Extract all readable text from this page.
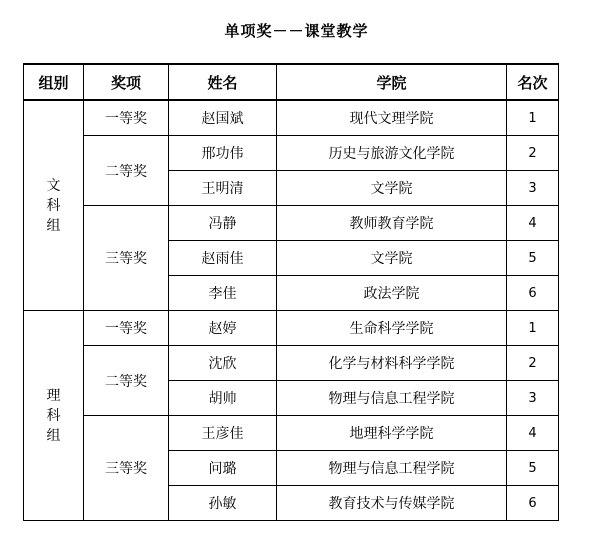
单项奖－－课堂教学
组别	奖项	姓名	学院	名次
文科组	一等奖	赵国斌	现代文理学院	1
	二等奖	邢功伟	历史与旅游文化学院	2
		王明清	文学院	3
	三等奖	冯静	教师教育学院	4
		赵雨佳	文学院	5
		李佳	政法学院	6
理科组	一等奖	赵婷	生命科学学院	1
	二等奖	沈欣	化学与材料科学学院	2
		胡帅	物理与信息工程学院	3
	三等奖	王彦佳	地理科学学院	4
		问璐	物理与信息工程学院	5
		孙敏	教育技术与传媒学院	6
